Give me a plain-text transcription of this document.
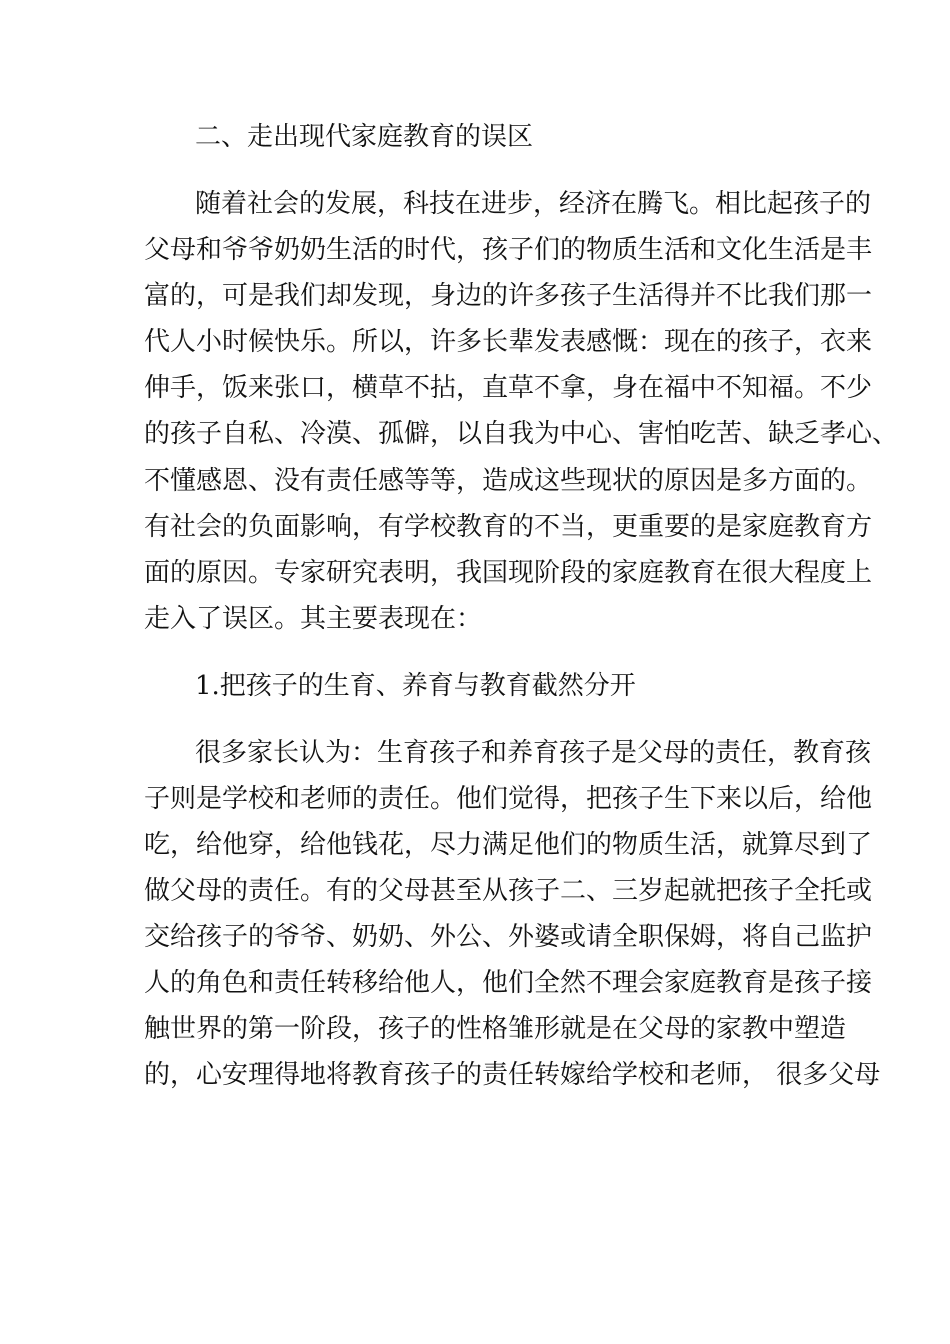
二、走出现代家庭教育的误区
随着社会的发展，科技在进步，经济在腾飞。相比起孩子的
父母和爷爷奶奶生活的时代，孩子们的物质生活和文化生活是丰
富的，可是我们却发现，身边的许多孩子生活得并不比我们那一
代人小时候快乐。所以，许多长辈发表感慨：现在的孩子，衣来
伸手，饭来张口，横草不拈，直草不拿，身在福中不知福。不少
的孩子自私、冷漠、孤僻，以自我为中心、害怕吃苦、缺乏孝心、
不懂感恩、没有责任感等等，造成这些现状的原因是多方面的。
有社会的负面影响，有学校教育的不当，更重要的是家庭教育方
面的原因。专家研究表明，我国现阶段的家庭教育在很大程度上
走入了误区。其主要表现在：
1.把孩子的生育、养育与教育截然分开
很多家长认为：生育孩子和养育孩子是父母的责任，教育孩
子则是学校和老师的责任。他们觉得，把孩子生下来以后，给他
吃，给他穿，给他钱花，尽力满足他们的物质生活，就算尽到了
做父母的责任。有的父母甚至从孩子二、三岁起就把孩子全托或
交给孩子的爷爷、奶奶、外公、外婆或请全职保姆，将自己监护
人的角色和责任转移给他人，他们全然不理会家庭教育是孩子接
触世界的第一阶段，孩子的性格雏形就是在父母的家教中塑造
的，心安理得地将教育孩子的责任转嫁给学校和老师， 很多父母
